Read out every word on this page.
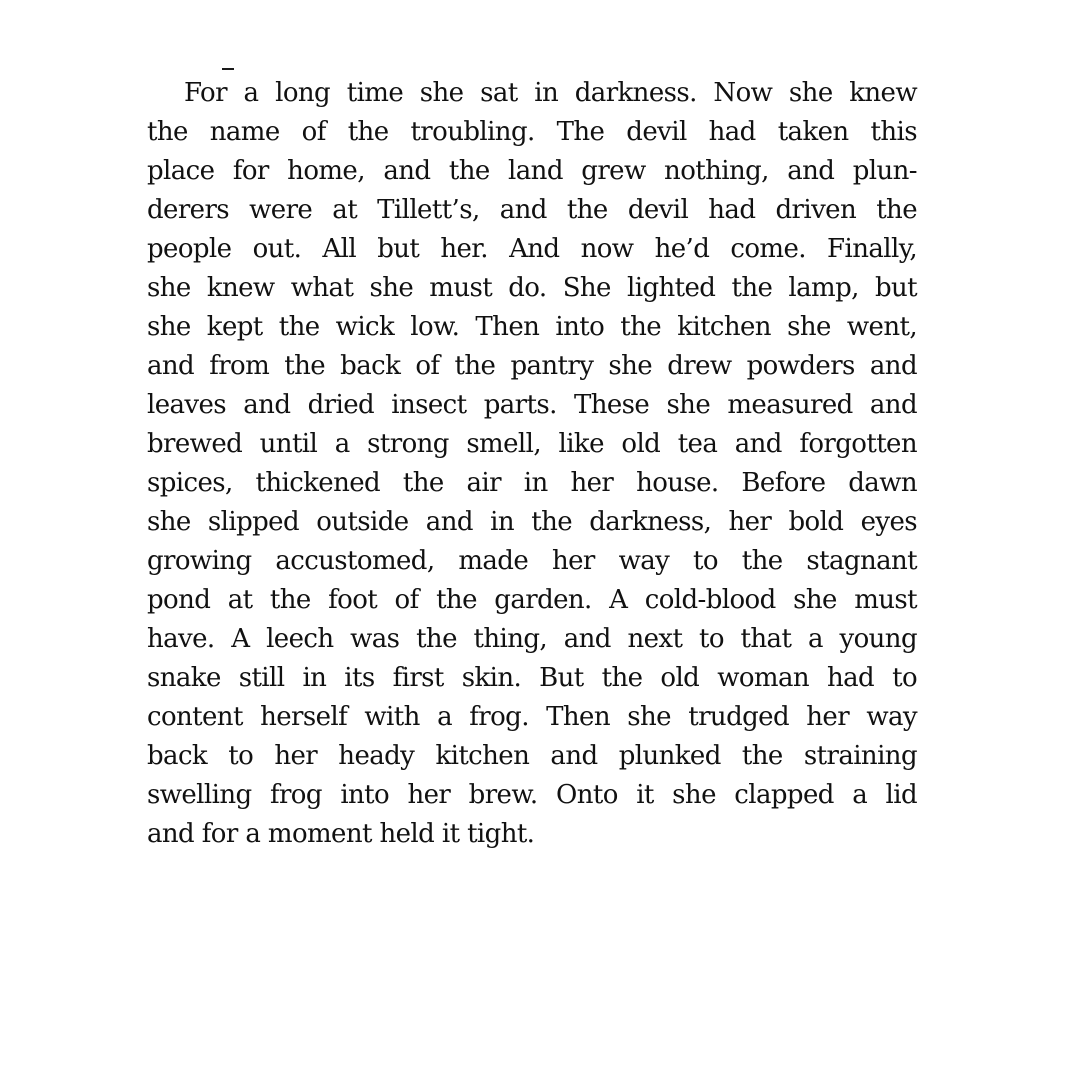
For a long time she sat in darkness. Now she knew
the name of the troubling. The devil had taken this
place for home, and the land grew nothing, and plun-
derers were at Tillett’s, and the devil had driven the
people out. All but her. And now he’d come. Finally,
she knew what she must do. She lighted the lamp, but
she kept the wick low. Then into the kitchen she went,
and from the back of the pantry she drew powders and
leaves and dried insect parts. These she measured and
brewed until a strong smell, like old tea and forgotten
spices, thickened the air in her house. Before dawn
she slipped outside and in the darkness, her bold eyes
growing accustomed, made her way to the stagnant
pond at the foot of the garden. A cold-blood she must
have. A leech was the thing, and next to that a young
snake still in its first skin. But the old woman had to
content herself with a frog. Then she trudged her way
back to her heady kitchen and plunked the straining
swelling frog into her brew. Onto it she clapped a lid
and for a moment held it tight.
